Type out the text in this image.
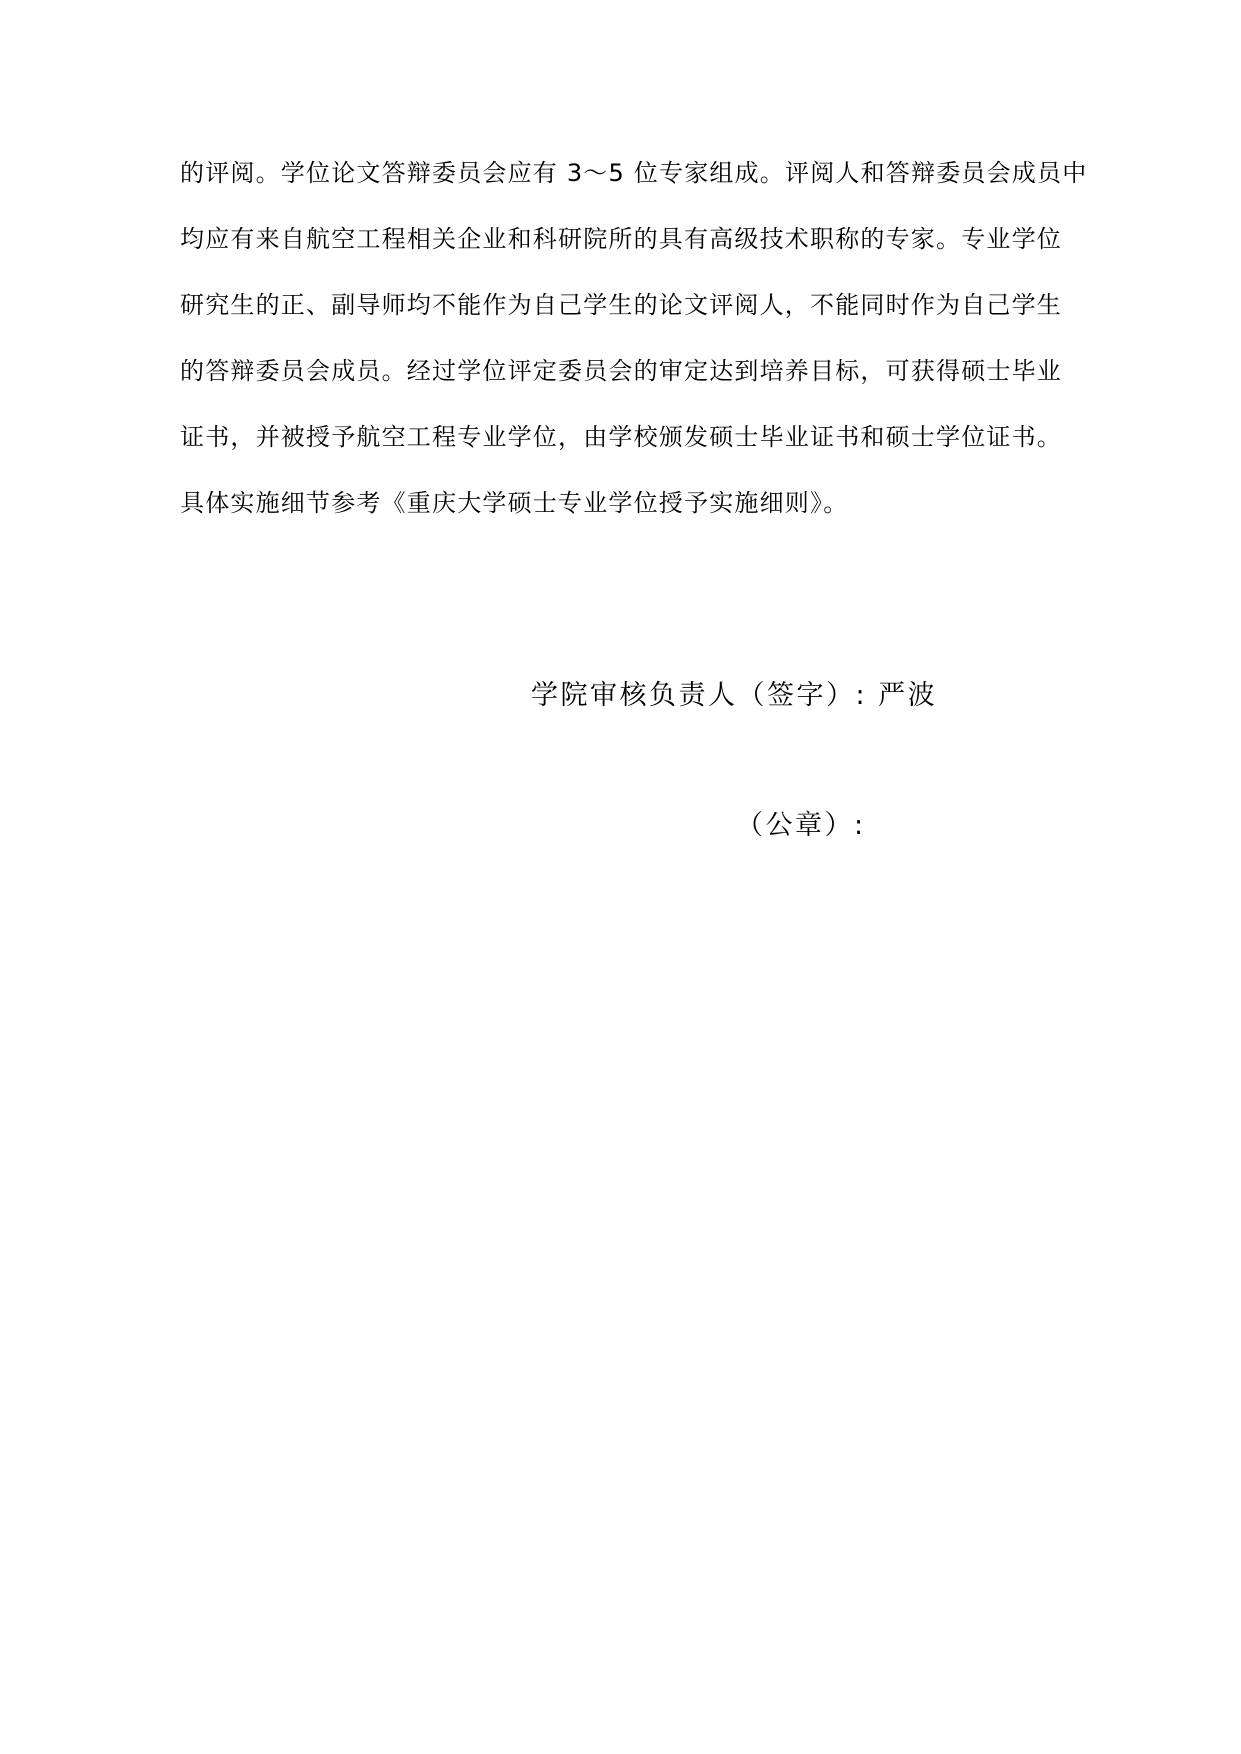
的评阅。学位论文答辩委员会应有 3～5 位专家组成。评阅人和答辩委员会成员中
均应有来自航空工程相关企业和科研院所的具有高级技术职称的专家。专业学位
研究生的正、副导师均不能作为自己学生的论文评阅人，不能同时作为自己学生
的答辩委员会成员。经过学位评定委员会的审定达到培养目标，可获得硕士毕业
证书，并被授予航空工程专业学位，由学校颁发硕士毕业证书和硕士学位证书。
具体实施细节参考《重庆大学硕士专业学位授予实施细则》。
学院审核负责人（签字）: 严波
（公章）:
